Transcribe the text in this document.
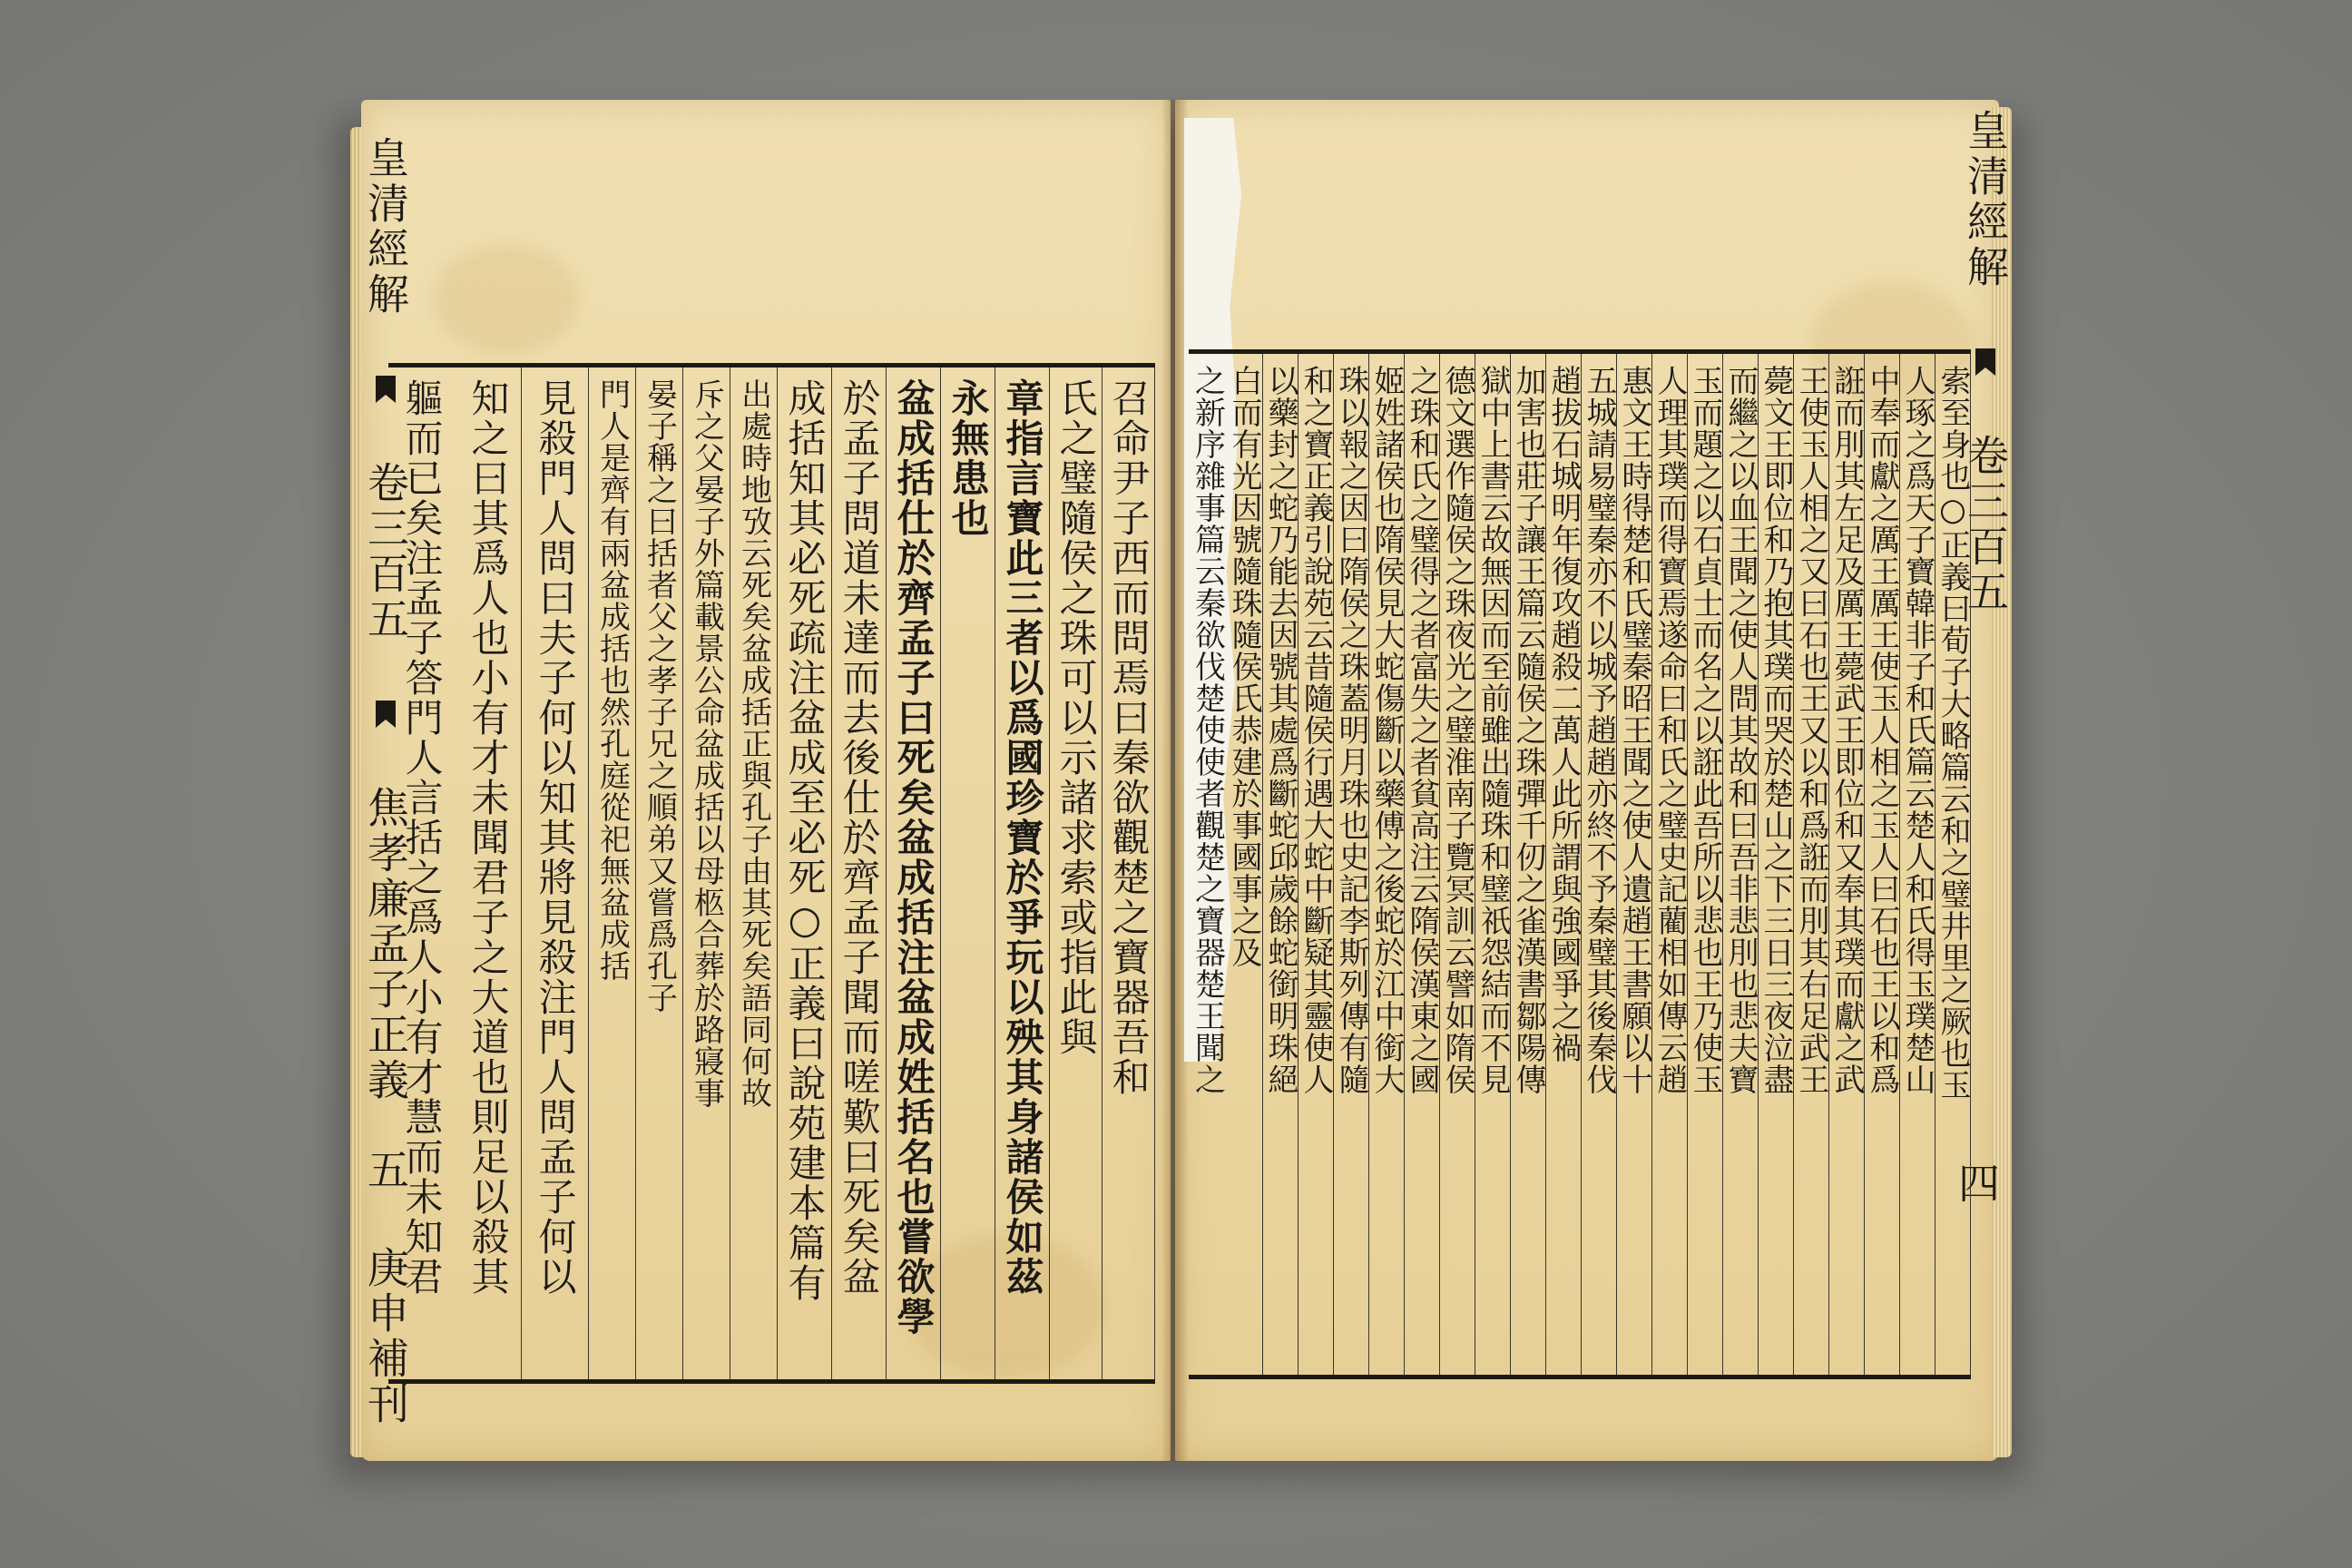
皇清經解  卷三百五  焦孝廉孟子正義
五 庚申補刊
召命尹子西而問焉曰秦欲觀楚之寶器吾和
氏之璧隨侯之珠可以示諸求索或指此與
章指言寶此三者以爲國珍寶於爭玩以殃其身諸侯如茲
永無患也
盆成括仕於齊孟子曰死矣盆成括注盆成姓括名也嘗欲學
於孟子問道未達而去後仕於齊孟子聞而嗟歎曰死矣盆
成括知其必死疏注盆成至必死○正義曰說苑建本篇有
出處時地攷云死矣盆成括正與孔子由其死矣語同何故
斥之父晏子外篇載景公命盆成括以母柩合葬於路寢事
晏子稱之曰括者父之孝子兄之順弟又嘗爲孔子
門人是齊有兩盆成括也然孔庭從祀無盆成括
見殺門人問曰夫子何以知其將見殺注門人問孟子何以
知之曰其爲人也小有才未聞君子之大道也則足以殺其
軀而已矣注孟子答門人言括之爲人小有才慧而未知君
皇清經解  卷三百五
四
索至身也○正義曰荀子大略篇云和之璧井里之厥也玉
人琢之爲天子寶韓非子和氏篇云楚人和氏得玉璞楚山
中奉而獻之厲王厲王使玉人相之玉人曰石也王以和爲
誑而刖其左足及厲王薨武王即位和又奉其璞而獻之武
王使玉人相之又曰石也王又以和爲誑而刖其右足武王
薨文王即位和乃抱其璞而哭於楚山之下三日三夜泣盡
而繼之以血王聞之使人問其故和曰吾非悲刖也悲夫寶
玉而題之以石貞士而名之以誑此吾所以悲也王乃使玉
人理其璞而得寶焉遂命曰和氏之璧史記藺相如傳云趙
惠文王時得楚和氏璧秦昭王聞之使人遺趙王書願以十
五城請易璧秦亦不以城予趙趙亦終不予秦璧其後秦伐
趙拔石城明年復攻趙殺二萬人此所謂與強國爭之禍
加害也莊子讓王篇云隨侯之珠彈千仞之雀漢書鄒陽傳
獄中上書云故無因而至前雖出隨珠和璧祇怨結而不見
德文選作隨侯之珠夜光之璧淮南子覽冥訓云譬如隋侯
之珠和氏之璧得之者富失之者貧高注云隋侯漢東之國
姬姓諸侯也隋侯見大蛇傷斷以藥傅之後蛇於江中銜大
珠以報之因曰隋侯之珠蓋明月珠也史記李斯列傳有隨
和之寶正義引說苑云昔隨侯行遇大蛇中斷疑其靈使人
以藥封之蛇乃能去因號其處爲斷蛇邱歲餘蛇銜明珠絕
白而有光因號隨珠隨侯氏恭建於事國事之及
之新序雜事篇云秦欲伐楚使使者觀楚之寶器楚王聞之
